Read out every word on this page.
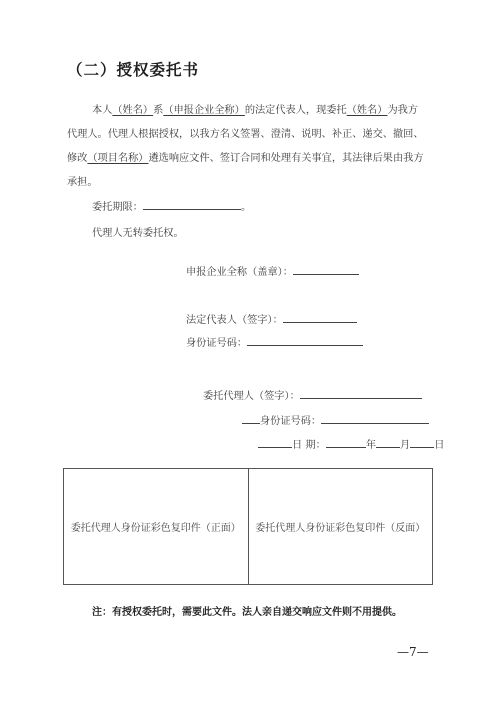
（二）授权委托书
本人（姓名）系（申报企业全称）的法定代表人，现委托（姓名）为我方
代理人。代理人根据授权，以我方名义签署、澄清、说明、补正、递交、撤回、
修改（项目名称）遴选响应文件、签订合同和处理有关事宜，其法律后果由我方
承担。
委托期限：	。
代理人无转委托权。
申报企业全称（盖章）：
法定代表人（签字）：
身份证号码：
委托代理人（签字）：
身份证号码：
日 期：	年 月 日
委托代理人身份证彩色复印件（正面） 委托代理人身份证彩色复印件（反面）
注：有授权委托时，需要此文件。法人亲自递交响应文件则不用提供。
—7—
